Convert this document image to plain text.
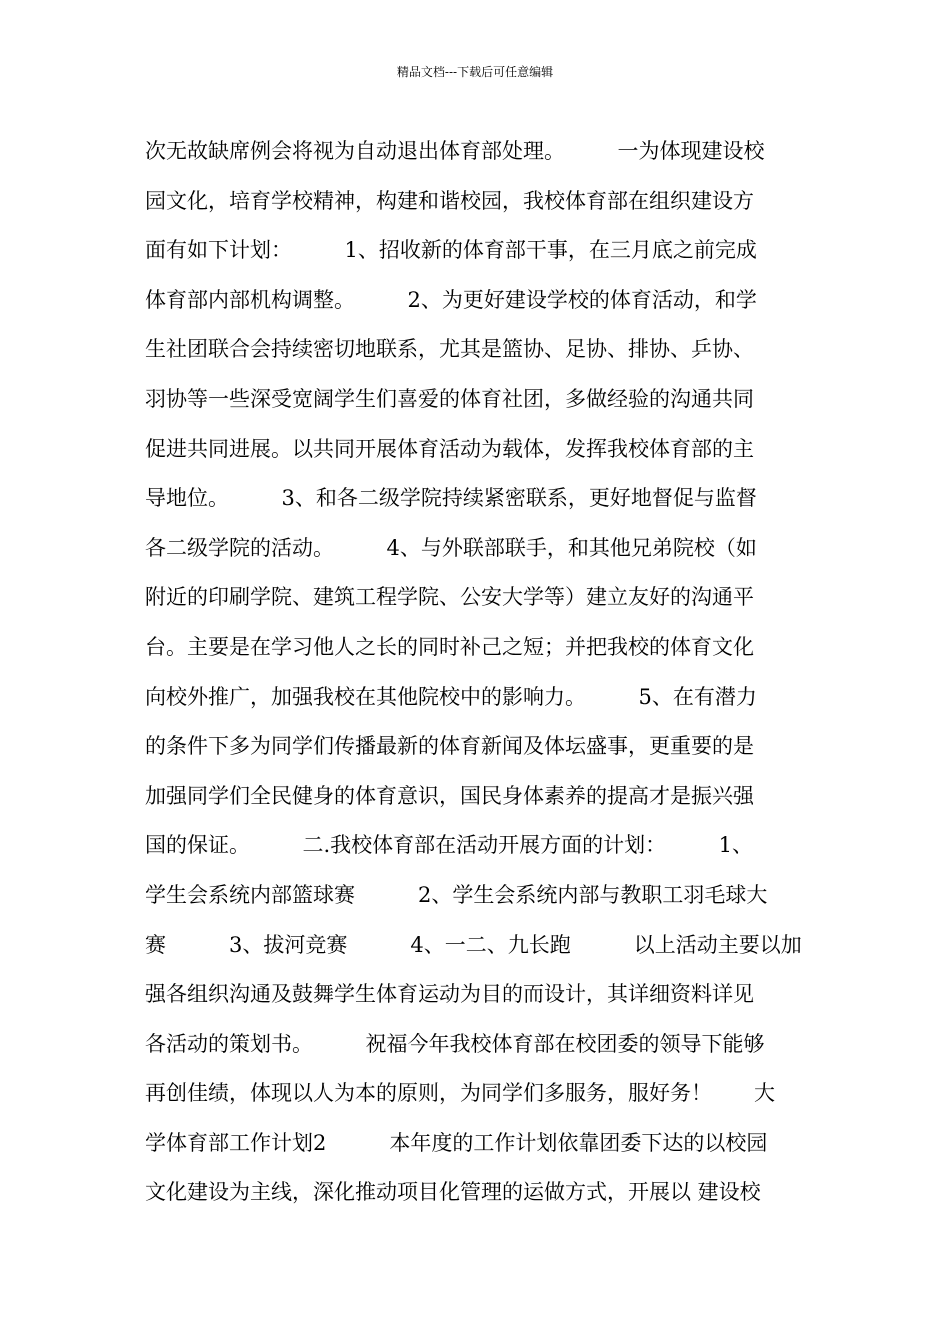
精品文档---下载后可任意编辑
次无故缺席例会将视为自动退出体育部处理。　　　一为体现建设校
园文化，培育学校精神，构建和谐校园，我校体育部在组织建设方
面有如下计划：　　　1、招收新的体育部干事，在三月底之前完成
体育部内部机构调整。　　　2、为更好建设学校的体育活动，和学
生社团联合会持续密切地联系，尤其是篮协、足协、排协、乒协、
羽协等一些深受宽阔学生们喜爱的体育社团，多做经验的沟通共同
促进共同进展。以共同开展体育活动为载体，发挥我校体育部的主
导地位。　　　3、和各二级学院持续紧密联系，更好地督促与监督
各二级学院的活动。　　　4、与外联部联手，和其他兄弟院校（如
附近的印刷学院、建筑工程学院、公安大学等）建立友好的沟通平
台。主要是在学习他人之长的同时补己之短；并把我校的体育文化
向校外推广，加强我校在其他院校中的影响力。　　　5、在有潜力
的条件下多为同学们传播最新的体育新闻及体坛盛事，更重要的是
加强同学们全民健身的体育意识，国民身体素养的提高才是振兴强
国的保证。　　　二.我校体育部在活动开展方面的计划：　　　1、
学生会系统内部篮球赛　　　2、学生会系统内部与教职工羽毛球大
赛　　　3、拔河竞赛　　　4、一二、九长跑　　　以上活动主要以加
强各组织沟通及鼓舞学生体育运动为目的而设计，其详细资料详见
各活动的策划书。　　　祝福今年我校体育部在校团委的领导下能够
再创佳绩，体现以人为本的原则，为同学们多服务，服好务！　　大
学体育部工作计划2　　　本年度的工作计划依靠团委下达的以校园
文化建设为主线，深化推动项目化管理的运做方式，开展以 建设校
